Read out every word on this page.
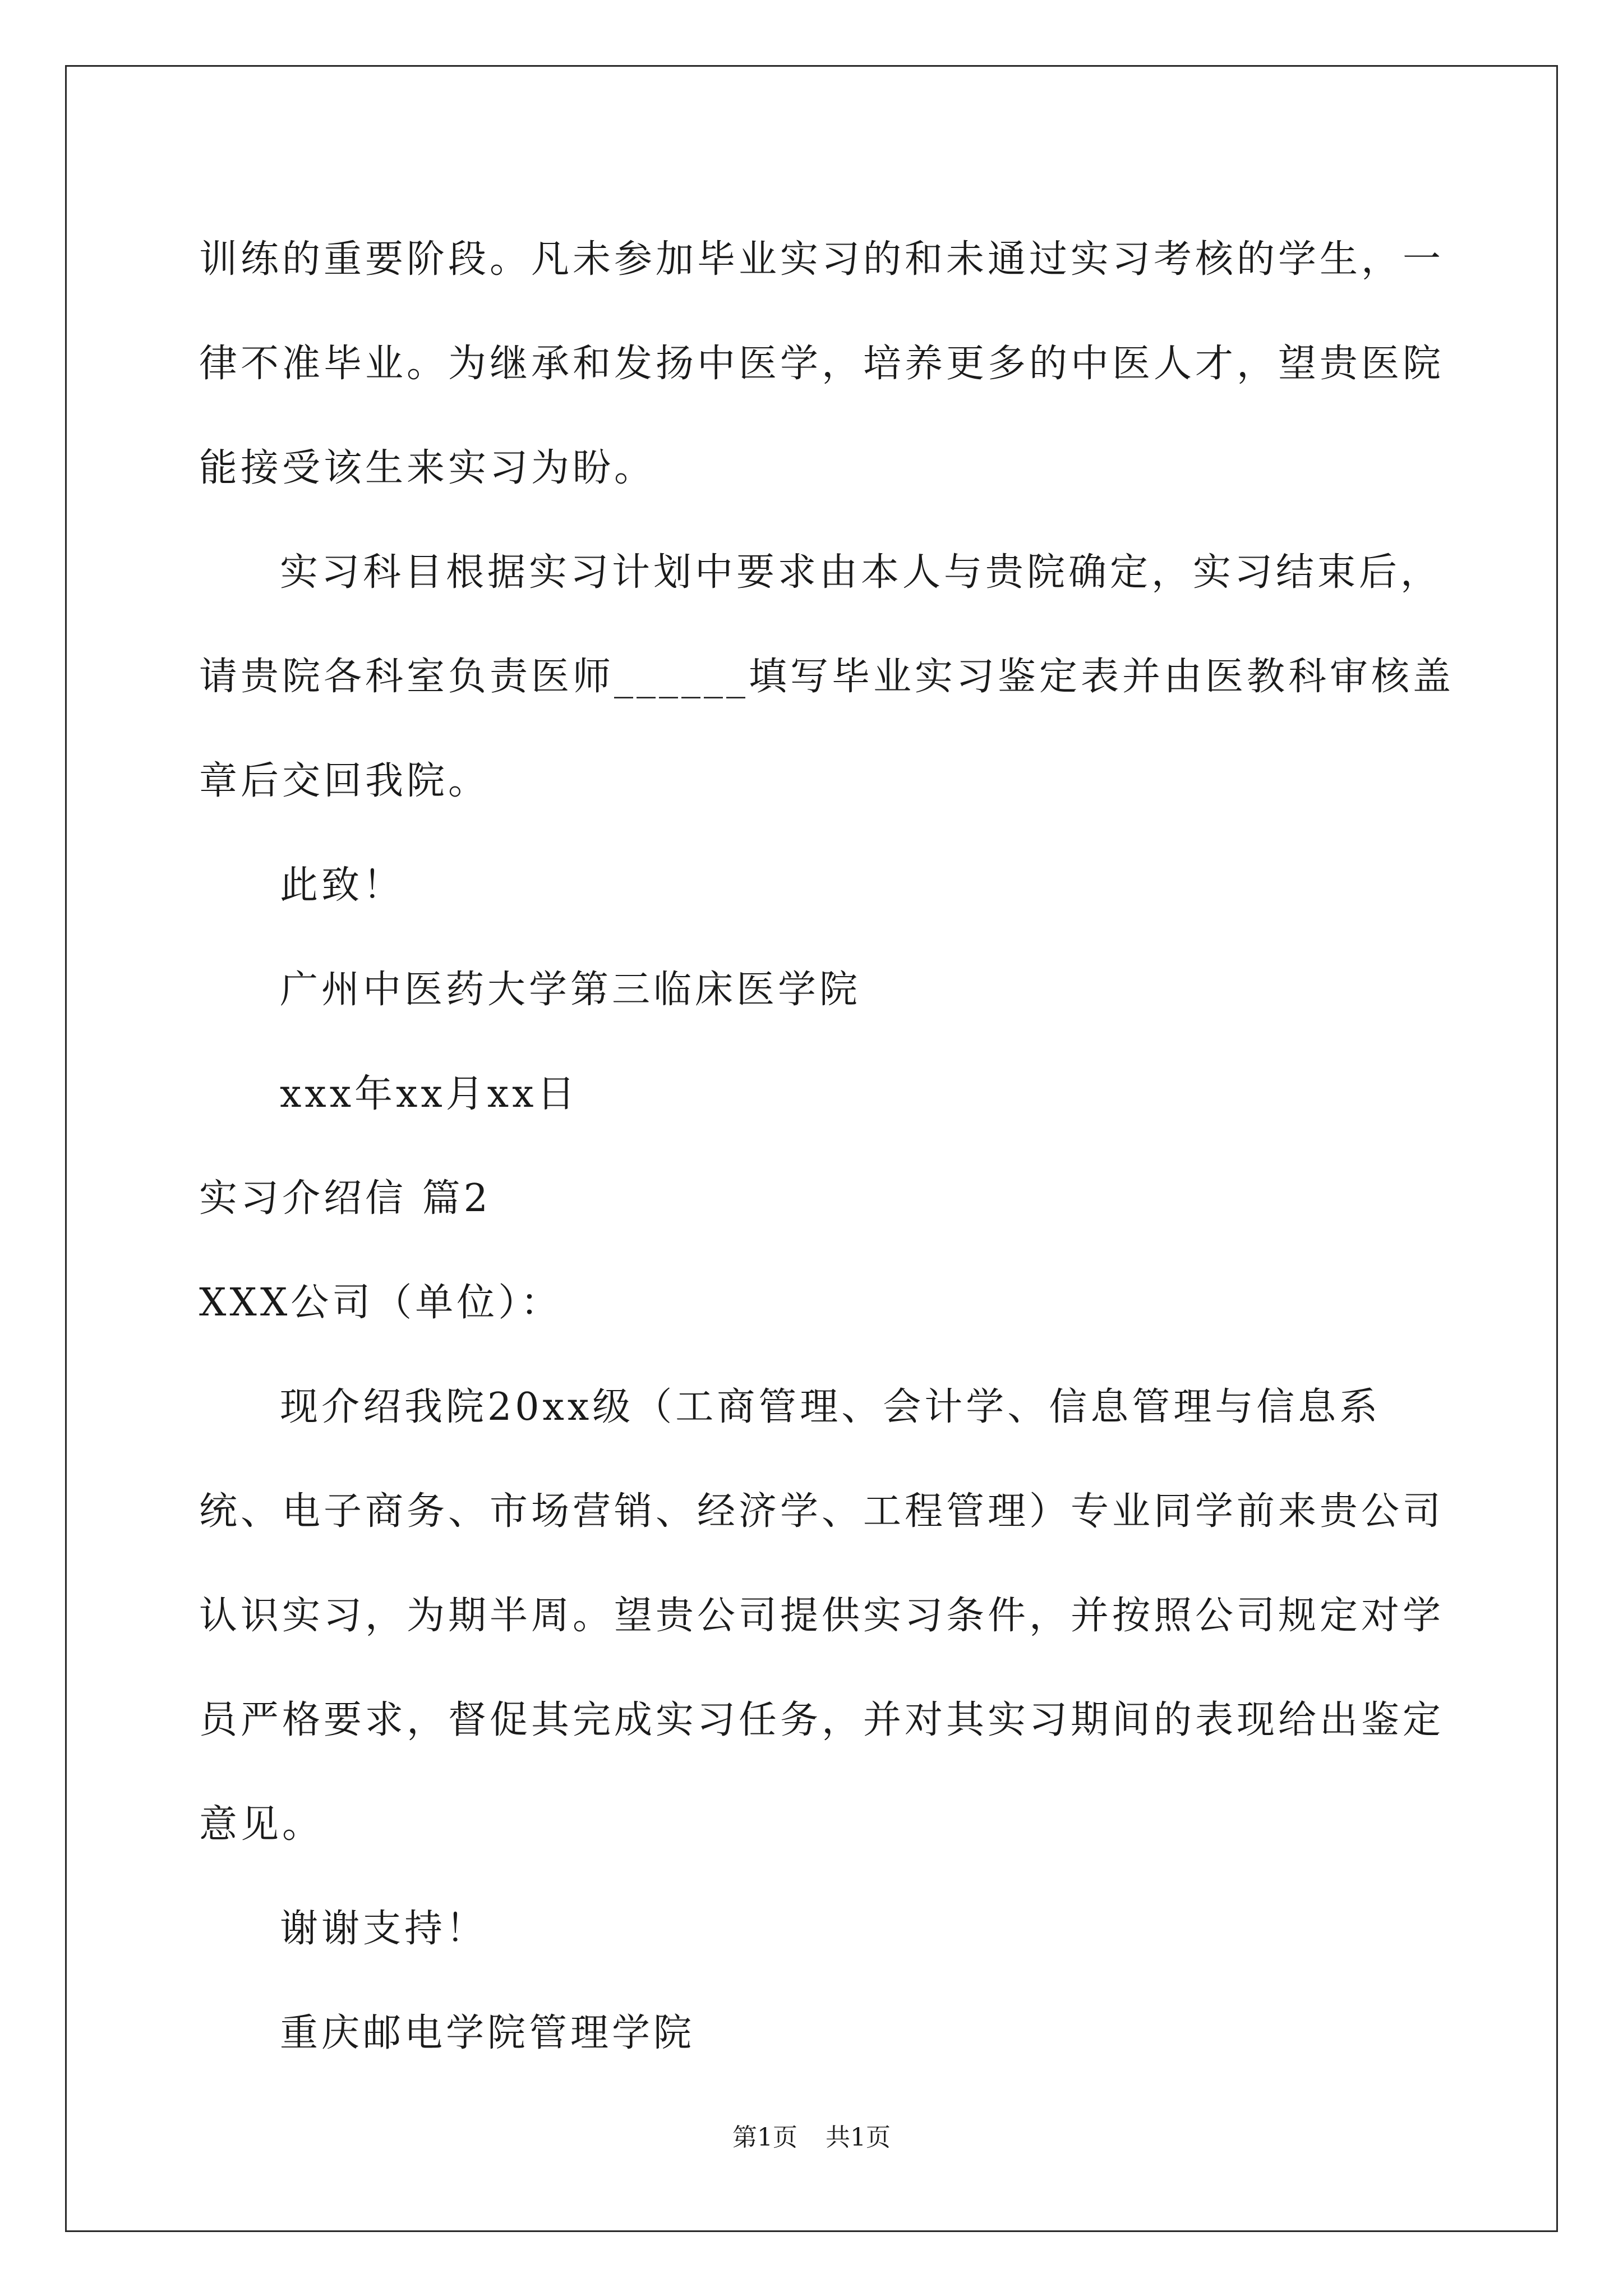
训练的重要阶段。凡未参加毕业实习的和未通过实习考核的学生，一律不准毕业。为继承和发扬中医学，培养更多的中医人才，望贵医院能接受该生来实习为盼。

实习科目根据实习计划中要求由本人与贵院确定，实习结束后，请贵院各科室负责医师______填写毕业实习鉴定表并由医教科审核盖章后交回我院。

此致！

广州中医药大学第三临床医学院

xxx年xx月xx日

实习介绍信 篇2

XXX公司（单位）：

现介绍我院20xx级（工商管理、会计学、信息管理与信息系统、电子商务、市场营销、经济学、工程管理）专业同学前来贵公司认识实习，为期半周。望贵公司提供实习条件，并按照公司规定对学员严格要求，督促其完成实习任务，并对其实习期间的表现给出鉴定意见。

谢谢支持！

重庆邮电学院管理学院

第1页 共1页
